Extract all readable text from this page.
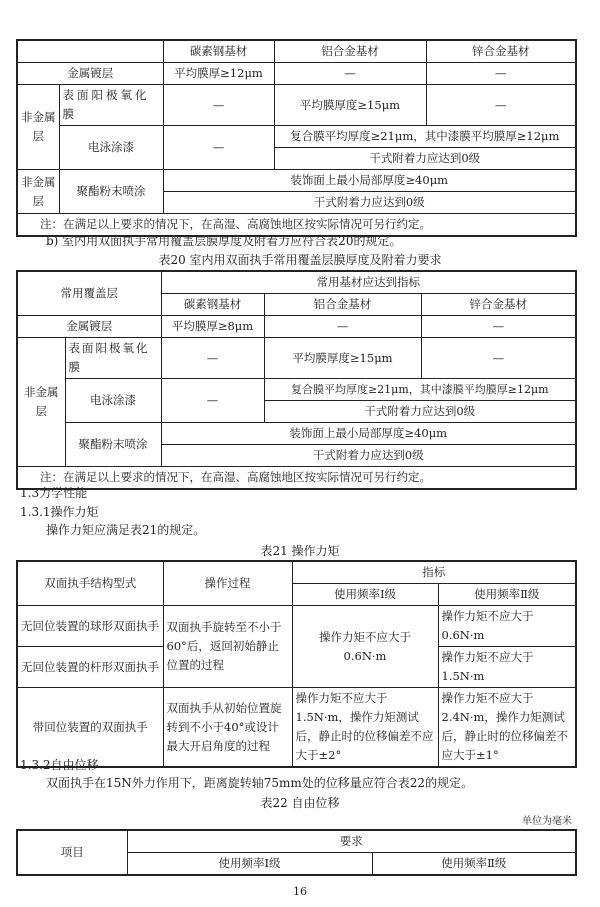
		碳素钢基材	铝合金基材	锌合金基材
金属镀层		平均膜厚≥12μm	—	—
非金属层	表面阳极氧化膜	—	平均膜厚度≥15μm	—
	电泳涂漆	—	复合膜平均厚度≥21μm，其中漆膜平均膜厚≥12μm	
			干式附着力应达到0级	
非金属层	聚酯粉末喷涂	装饰面上最小局部厚度≥40μm		
		干式附着力应达到0级		
注：在满足以上要求的情况下，在高湿、高腐蚀地区按实际情况可另行约定。				
b) 室内用双面执手常用覆盖层膜厚度及附着力应符合表20的规定。
表20 室内用双面执手常用覆盖层膜厚度及附着力要求
常用覆盖层		常用基材应达到指标		
		碳素钢基材	铝合金基材	锌合金基材
金属镀层		平均膜厚≥8μm	—	—
非金属层	表面阳极氧化膜	—	平均膜厚度≥15μm	—
	电泳涂漆	—	复合膜平均厚度≥21μm，其中漆膜平均膜厚≥12μm	
			干式附着力应达到0级	
	聚酯粉末喷涂	装饰面上最小局部厚度≥40μm		
		干式附着力应达到0级		
注：在满足以上要求的情况下，在高湿、高腐蚀地区按实际情况可另行约定。				
1.3力学性能
1.3.1操作力矩
操作力矩应满足表21的规定。
表21 操作力矩
双面执手结构型式	操作过程	指标	
		使用频率Ⅰ级	使用频率Ⅱ级
无回位装置的球形双面执手	双面执手旋转至不小于60°后，返回初始静止位置的过程	操作力矩不应大于0.6N·m	操作力矩不应大于0.6N·m
无回位装置的杆形双面执手			操作力矩不应大于1.5N·m
带回位装置的双面执手	双面执手从初始位置旋转到不小于40°或设计最大开启角度的过程	操作力矩不应大于1.5N·m，操作力矩测试后，静止时的位移偏差不应大于±2°	操作力矩不应大于2.4N·m，操作力矩测试后，静止时的位移偏差不应大于±1°
1.3.2自由位移
双面执手在15N外力作用下，距离旋转轴75mm处的位移量应符合表22的规定。
表22 自由位移
单位为毫米
项目	要求	
	使用频率Ⅰ级	使用频率Ⅱ级
16
